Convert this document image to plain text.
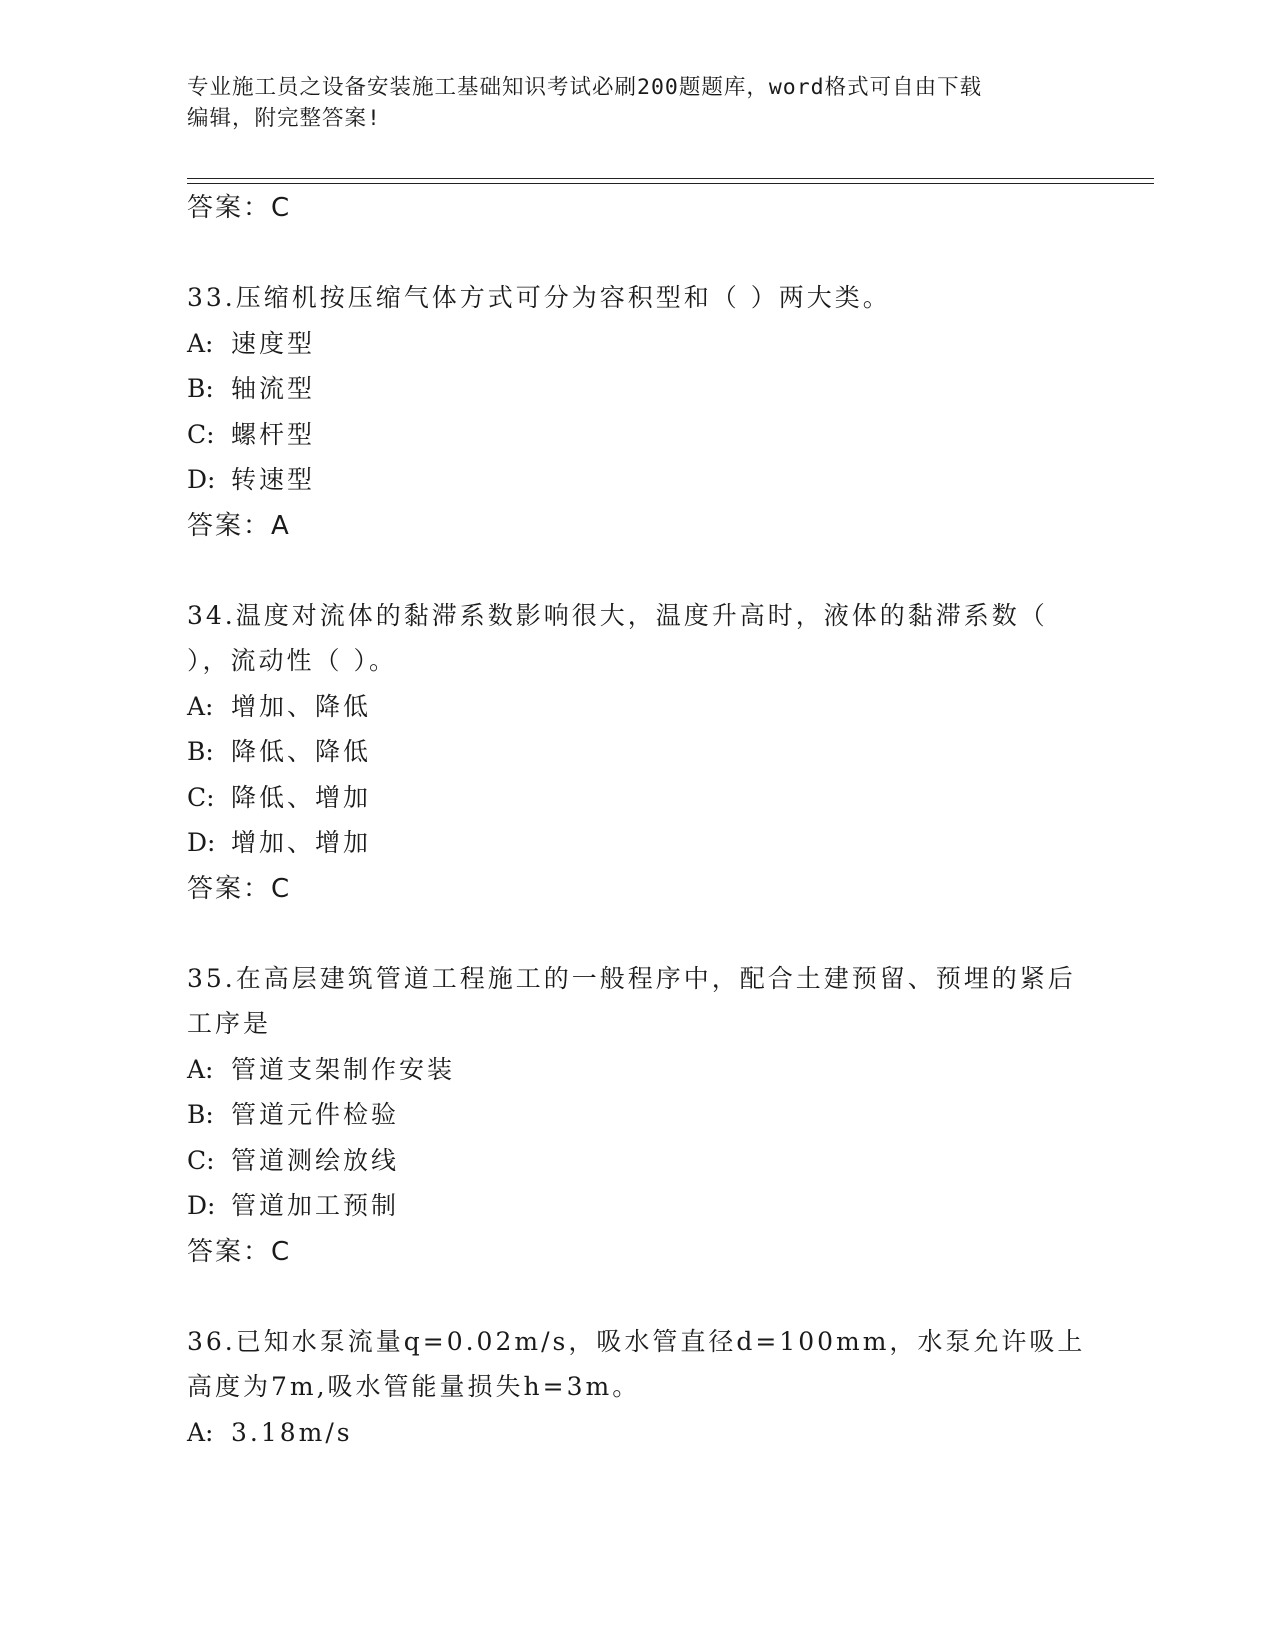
专业施工员之设备安装施工基础知识考试必刷200题题库，word格式可自由下载
编辑，附完整答案!
答案：C
33.压缩机按压缩气体方式可分为容积型和（ ）两大类。
A: 速度型
B: 轴流型
C: 螺杆型
D: 转速型
答案：A
34.温度对流体的黏滞系数影响很大，温度升高时，液体的黏滞系数（ ），流动性（ ）。
A: 增加、降低
B: 降低、降低
C: 降低、增加
D: 增加、增加
答案：C
35.在高层建筑管道工程施工的一般程序中，配合土建预留、预埋的紧后工序是
A: 管道支架制作安装
B: 管道元件检验
C: 管道测绘放线
D: 管道加工预制
答案：C
36.已知水泵流量q=0.02m/s，吸水管直径d=100mm，水泵允许吸上高度为7m,吸水管能量损失h=3m。
A: 3.18m/s
